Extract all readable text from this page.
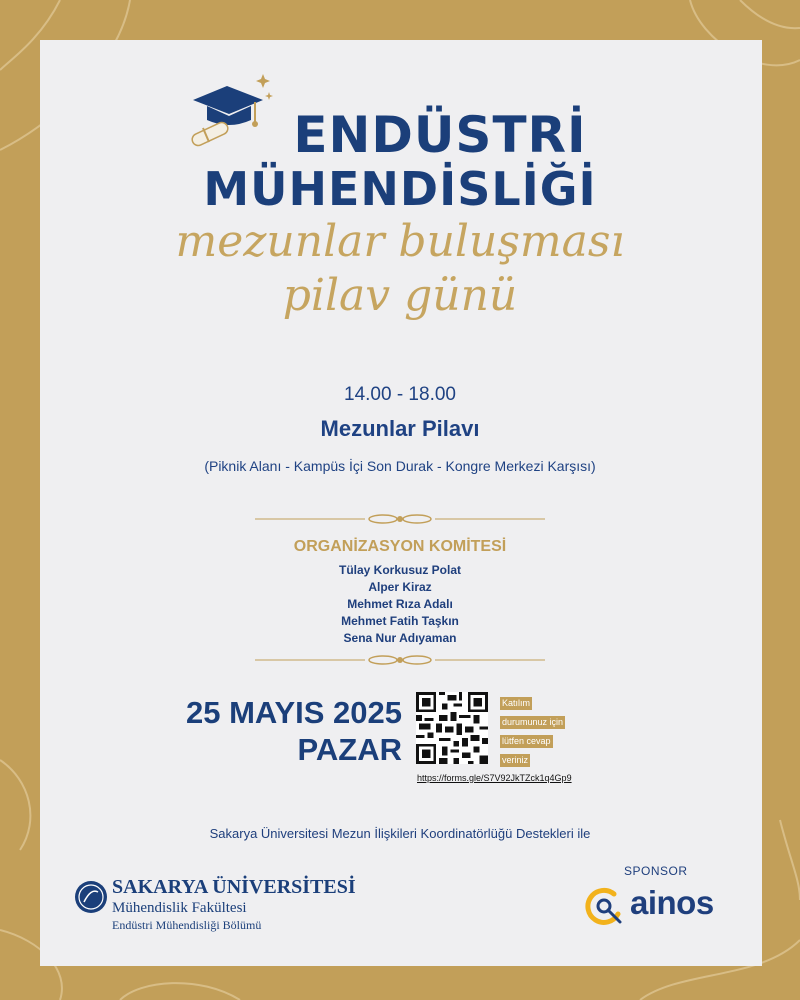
ENDÜSTRİ
MÜHENDİSLİĞİ
mezunlar buluşması
pilav günü
14.00 - 18.00
Mezunlar Pilavı
(Piknik Alanı - Kampüs İçi Son Durak - Kongre Merkezi Karşısı)
ORGANİZASYON KOMİTESİ
Tülay Korkusuz Polat
Alper Kiraz
Mehmet Rıza Adalı
Mehmet Fatih Taşkın
Sena Nur Adıyaman
25 MAYIS 2025
PAZAR
Katılım
durumunuz için
lütfen cevap
veriniz
https://forms.gle/S7V92JkTZck1q4Gp9
Sakarya Üniversitesi Mezun İlişkileri Koordinatörlüğü Destekleri ile
SAKARYA ÜNİVERSİTESİ
Mühendislik Fakültesi
Endüstri Mühendisliği Bölümü
SPONSOR
ainos
